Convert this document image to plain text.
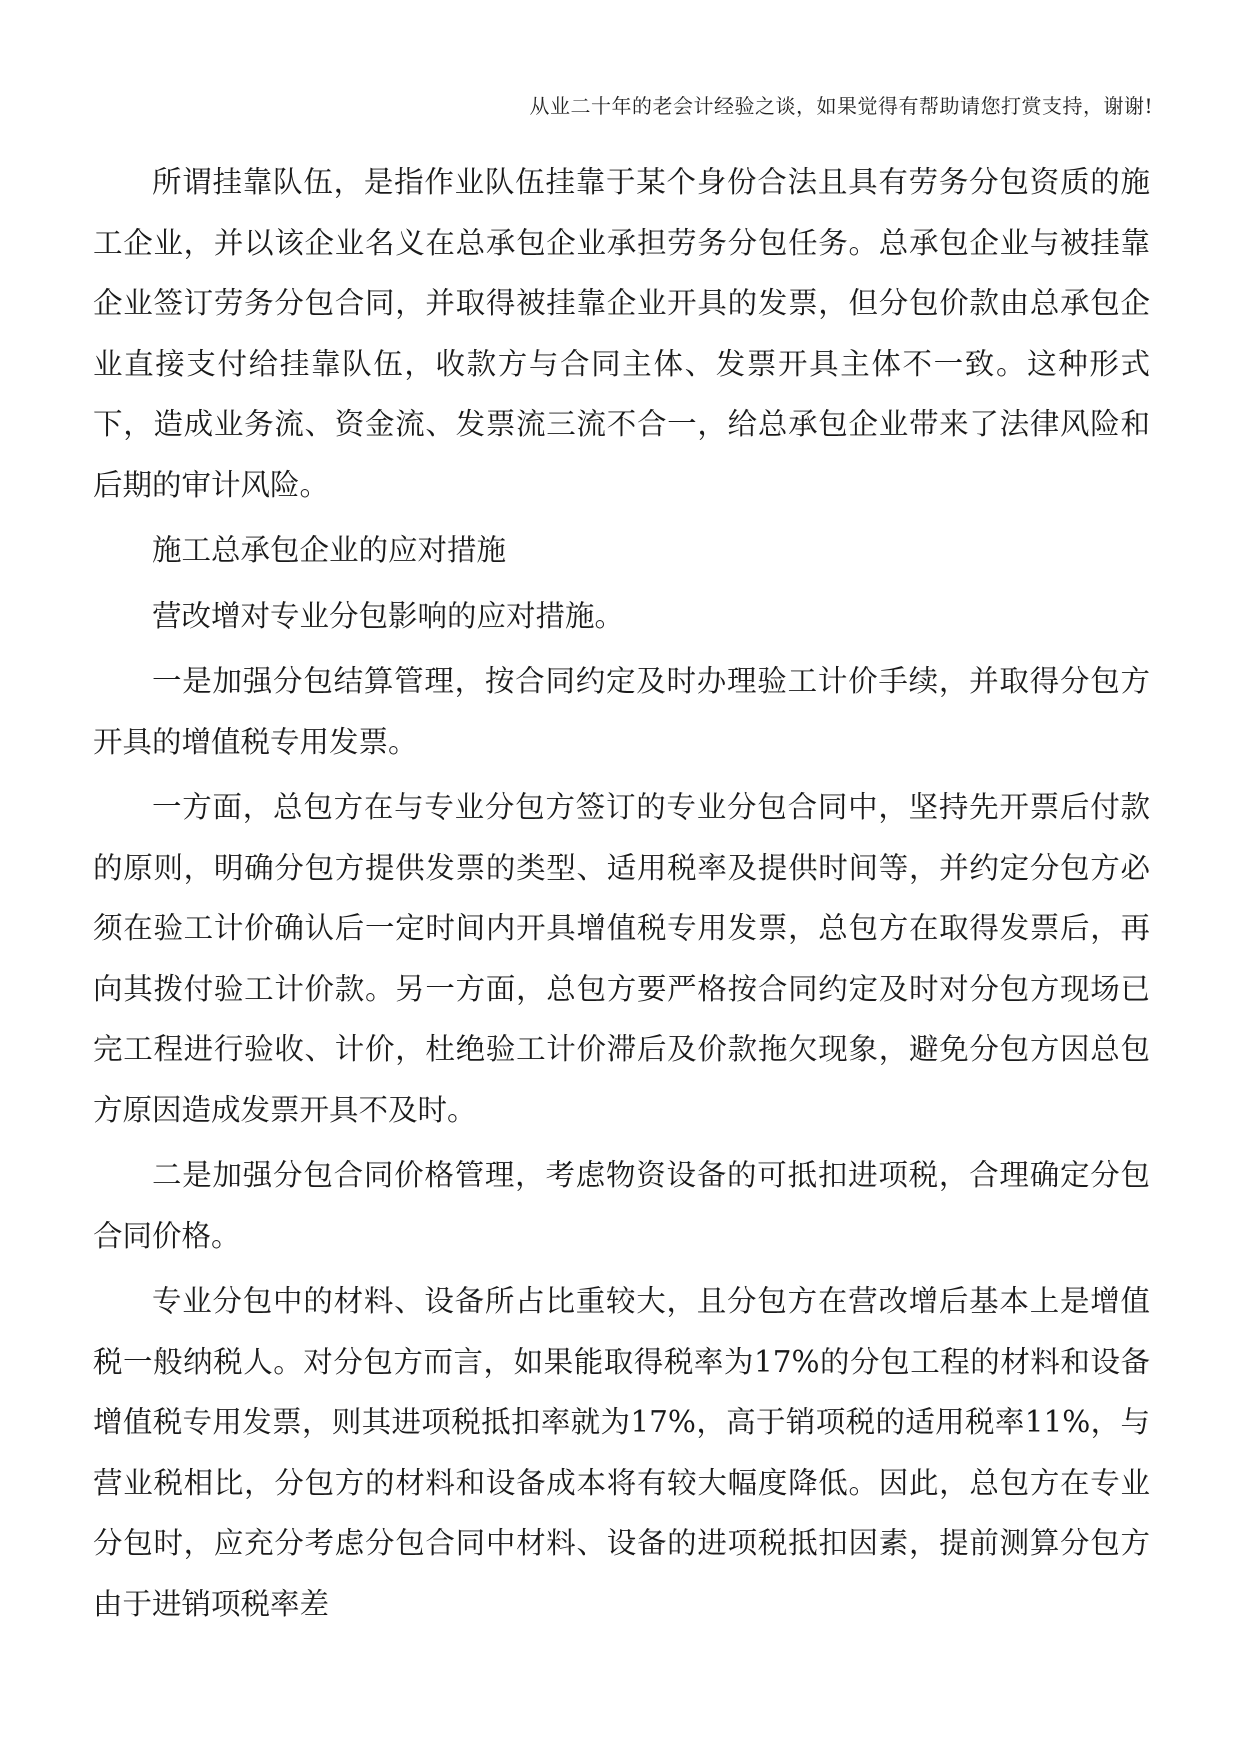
从业二十年的老会计经验之谈，如果觉得有帮助请您打赏支持，谢谢!

所谓挂靠队伍，是指作业队伍挂靠于某个身份合法且具有劳务分包资质的施工企业，并以该企业名义在总承包企业承担劳务分包任务。总承包企业与被挂靠企业签订劳务分包合同，并取得被挂靠企业开具的发票，但分包价款由总承包企业直接支付给挂靠队伍，收款方与合同主体、发票开具主体不一致。这种形式下，造成业务流、资金流、发票流三流不合一，给总承包企业带来了法律风险和后期的审计风险。

施工总承包企业的应对措施

营改增对专业分包影响的应对措施。

一是加强分包结算管理，按合同约定及时办理验工计价手续，并取得分包方开具的增值税专用发票。

一方面，总包方在与专业分包方签订的专业分包合同中，坚持先开票后付款的原则，明确分包方提供发票的类型、适用税率及提供时间等，并约定分包方必须在验工计价确认后一定时间内开具增值税专用发票，总包方在取得发票后，再向其拨付验工计价款。另一方面，总包方要严格按合同约定及时对分包方现场已完工程进行验收、计价，杜绝验工计价滞后及价款拖欠现象，避免分包方因总包方原因造成发票开具不及时。

二是加强分包合同价格管理，考虑物资设备的可抵扣进项税，合理确定分包合同价格。

专业分包中的材料、设备所占比重较大，且分包方在营改增后基本上是增值税一般纳税人。对分包方而言，如果能取得税率为17%的分包工程的材料和设备增值税专用发票，则其进项税抵扣率就为17%，高于销项税的适用税率11%，与营业税相比，分包方的材料和设备成本将有较大幅度降低。因此，总包方在专业分包时，应充分考虑分包合同中材料、设备的进项税抵扣因素，提前测算分包方由于进销项税率差
